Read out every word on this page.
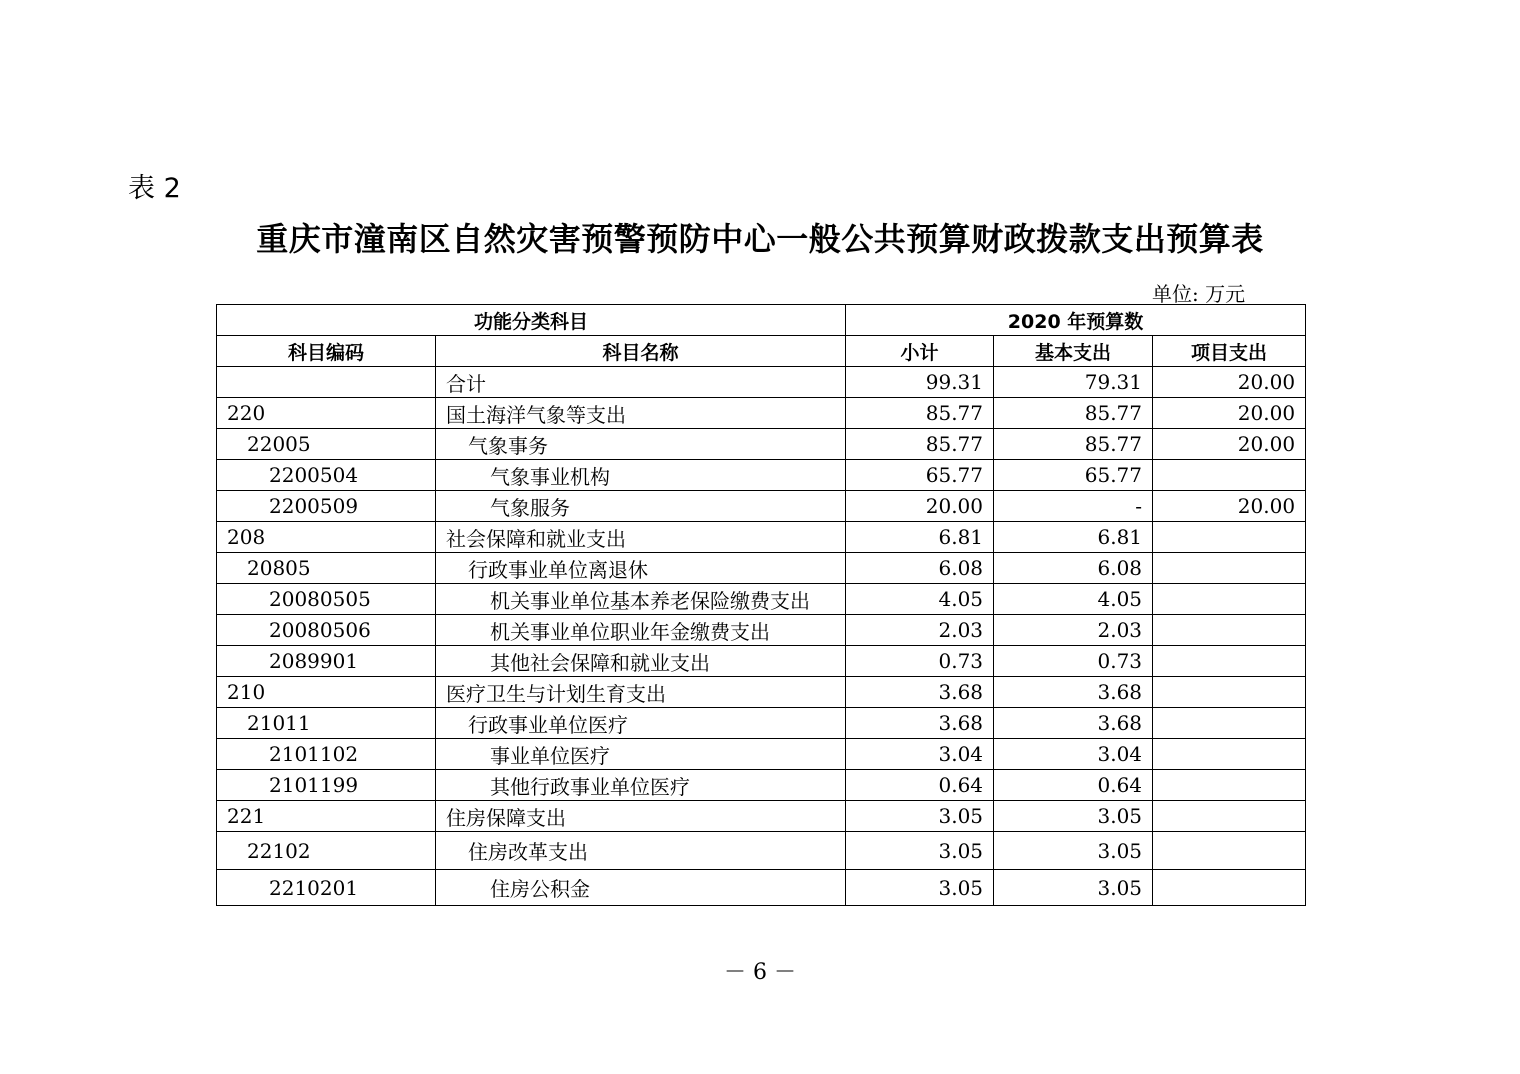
表 2
重庆市潼南区自然灾害预警预防中心一般公共预算财政拨款支出预算表
单位: 万元
功能分类科目		2020 年预算数		
科目编码	科目名称	小计	基本支出	项目支出
	合计	99.31	79.31	20.00
220	国土海洋气象等支出	85.77	85.77	20.00
22005	气象事务	85.77	85.77	20.00
2200504	气象事业机构	65.77	65.77	
2200509	气象服务	20.00	-	20.00
208	社会保障和就业支出	6.81	6.81	
20805	行政事业单位离退休	6.08	6.08	
20080505	机关事业单位基本养老保险缴费支出	4.05	4.05	
20080506	机关事业单位职业年金缴费支出	2.03	2.03	
2089901	其他社会保障和就业支出	0.73	0.73	
210	医疗卫生与计划生育支出	3.68	3.68	
21011	行政事业单位医疗	3.68	3.68	
2101102	事业单位医疗	3.04	3.04	
2101199	其他行政事业单位医疗	0.64	0.64	
221	住房保障支出	3.05	3.05	
22102	住房改革支出	3.05	3.05	
2210201	住房公积金	3.05	3.05	
－ 6 －
